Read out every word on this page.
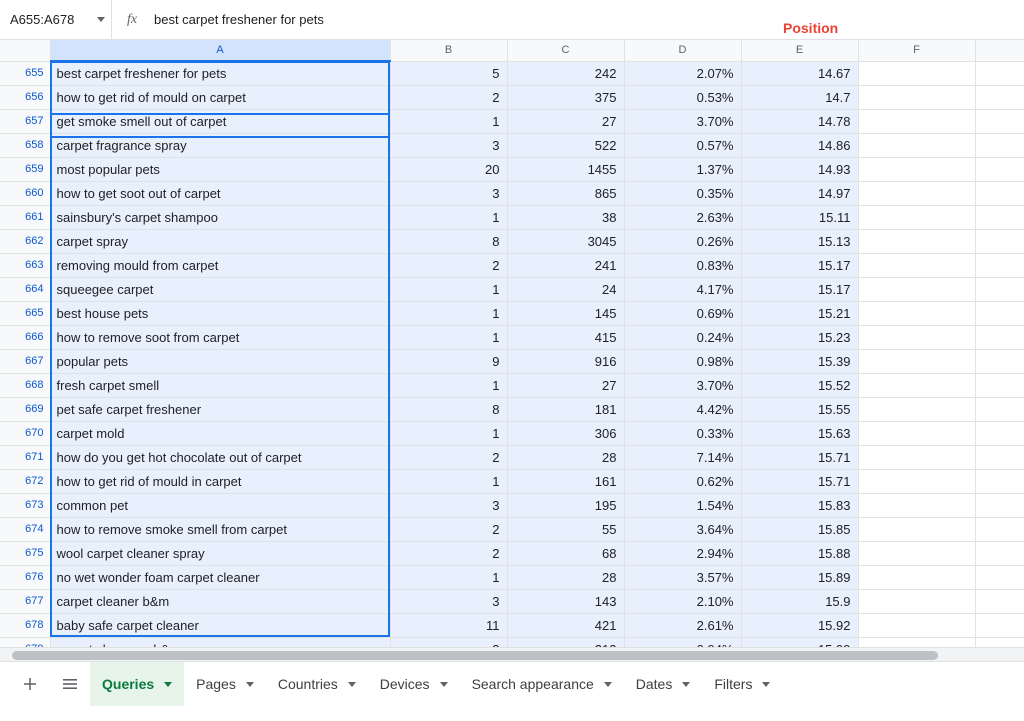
A655:A678	fx	best carpet freshener for pets
Position
	A	B	C	D	E	F	
655	best carpet freshener for pets	5	242	2.07%	14.67		
656	how to get rid of mould on carpet	2	375	0.53%	14.7		
657	get smoke smell out of carpet	1	27	3.70%	14.78		
658	carpet fragrance spray	3	522	0.57%	14.86		
659	most popular pets	20	1455	1.37%	14.93		
660	how to get soot out of carpet	3	865	0.35%	14.97		
661	sainsbury's carpet shampoo	1	38	2.63%	15.11		
662	carpet spray	8	3045	0.26%	15.13		
663	removing mould from carpet	2	241	0.83%	15.17		
664	squeegee carpet	1	24	4.17%	15.17		
665	best house pets	1	145	0.69%	15.21		
666	how to remove soot from carpet	1	415	0.24%	15.23		
667	popular pets	9	916	0.98%	15.39		
668	fresh carpet smell	1	27	3.70%	15.52		
669	pet safe carpet freshener	8	181	4.42%	15.55		
670	carpet mold	1	306	0.33%	15.63		
671	how do you get hot chocolate out of carpet	2	28	7.14%	15.71		
672	how to get rid of mould in carpet	1	161	0.62%	15.71		
673	common pet	3	195	1.54%	15.83		
674	how to remove smoke smell from carpet	2	55	3.64%	15.85		
675	wool carpet cleaner spray	2	68	2.94%	15.88		
676	no wet wonder foam carpet cleaner	1	28	3.57%	15.89		
677	carpet cleaner b&m	3	143	2.10%	15.9		
678	baby safe carpet cleaner	11	421	2.61%	15.92		

Queries	Pages	Countries	Devices	Search appearance	Dates	Filters
